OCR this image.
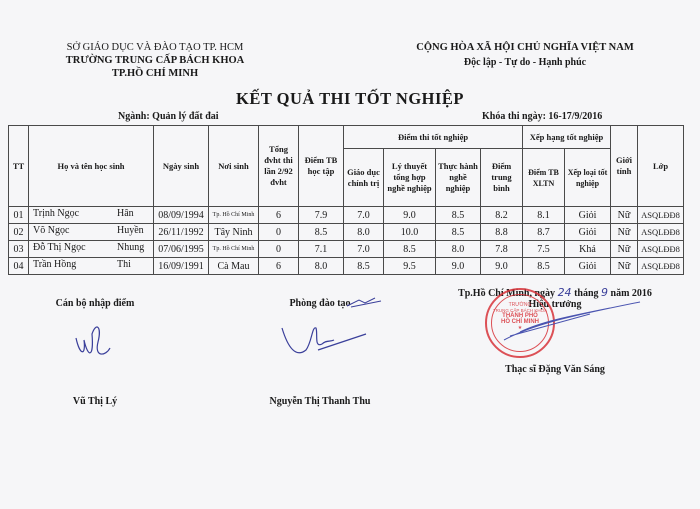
SỞ GIÁO DỤC VÀ ĐÀO TẠO TP. HCM
TRƯỜNG TRUNG CẤP BÁCH KHOA
TP.HỒ CHÍ MINH
CỘNG HÒA XÃ HỘI CHỦ NGHĨA VIỆT NAM
Độc lập - Tự do - Hạnh phúc
KẾT QUẢ THI TỐT NGHIỆP
Ngành: Quản lý đất đai	Khóa thi ngày: 16-17/9/2016
TT	Họ và tên học sinh	Ngày sinh	Nơi sinh	Tổng đvht thi lần 2/92 đvht	Điểm TB học tập	Điểm thi tốt nghiệp				Xếp hạng tốt nghiệp		Giới tính	Lớp
						Giáo dục chính trị	Lý thuyết tổng hợp nghề nghiệp	Thực hành nghề nghiệp	Điểm trung bình	Điểm TB XLTN	Xếp loại tốt nghiệp		
01	Trịnh Ngọc Hân	08/09/1994	Tp. Hồ Chí Minh	6	7.9	7.0	9.0	8.5	8.2	8.1	Giỏi	Nữ	ASQLĐĐ8
02	Võ Ngọc Huyền	26/11/1992	Tây Ninh	0	8.5	8.0	10.0	8.5	8.8	8.7	Giỏi	Nữ	ASQLĐĐ8
03	Đỗ Thị Ngọc Nhung	07/06/1995	Tp. Hồ Chí Minh	0	7.1	7.0	8.5	8.0	7.8	7.5	Khá	Nữ	ASQLĐĐ8
04	Trần Hồng Thi	16/09/1991	Cà Mau	6	8.0	8.5	9.5	9.0	9.0	8.5	Giỏi	Nữ	ASQLĐĐ8
Cán bộ nhập điểm
Vũ Thị Lý
Phòng đào tạo
Nguyễn Thị Thanh Thu
Tp.Hồ Chí Minh, ngày 24 tháng 9 năm 2016
Hiệu trưởng
TRƯỜNG
TRUNG CẤP BÁCH KHOA
THÀNH PHỐ
HỒ CHÍ MINH
★
Thạc sĩ Đặng Văn Sáng
